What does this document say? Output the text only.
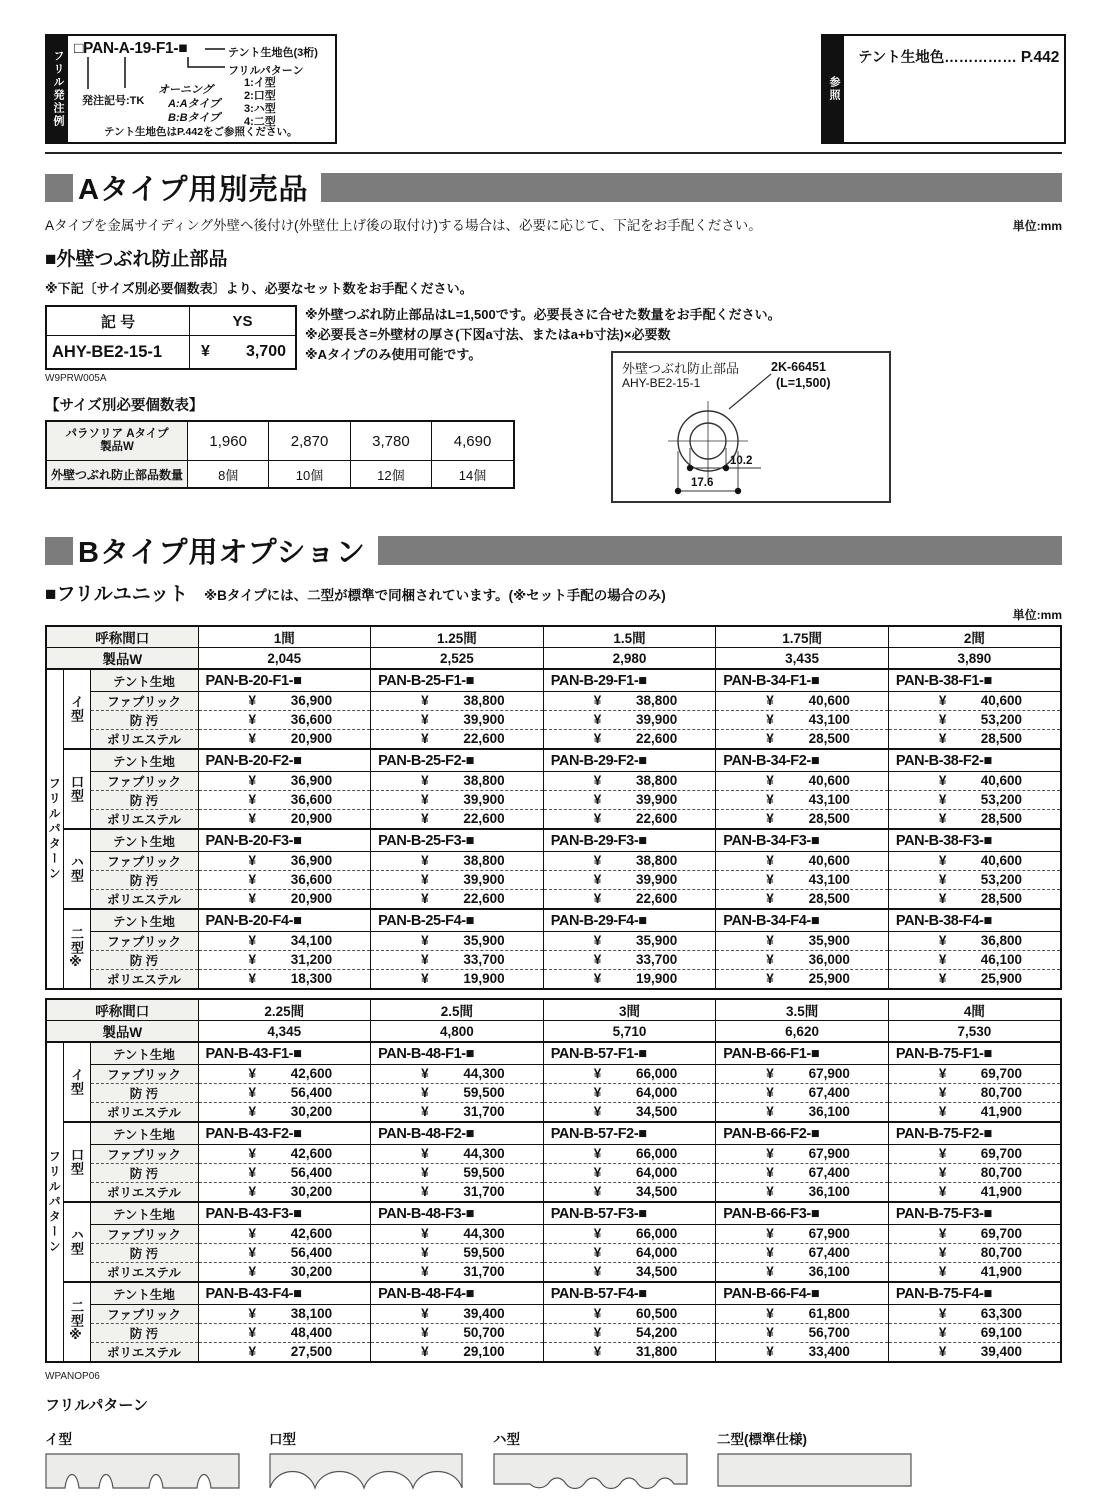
フリル発注例
□PAN-A-19-F1-■	テント生地色(3桁)
フリルパターン
1:イ型
2:口型
3:ハ型
4:二型
オーニング
A:Aタイプ
B:Bタイプ
発注記号:TK
テント生地色はP.442をご参照ください。
参照
テント生地色…………… P.442
Aタイプ用別売品
Aタイプを金属サイディング外壁へ後付け(外壁仕上げ後の取付け)する場合は、必要に応じて、下記をお手配ください。	単位:mm
■外壁つぶれ防止部品
※下記〔サイズ別必要個数表〕より、必要なセット数をお手配ください。
記 号	YS
AHY-BE2-15-1	¥ 3,700
W9PRW005A
【サイズ別必要個数表】
パラソリア Aタイプ
製品W	1,960	2,870	3,780	4,690
外壁つぶれ防止部品数量	8個	10個	12個	14個
※外壁つぶれ防止部品はL=1,500です。必要長さに合せた数量をお手配ください。
※必要長さ=外壁材の厚さ(下図a寸法、またはa+b寸法)×必要数
※Aタイプのみ使用可能です。
外壁つぶれ防止部品
AHY-BE2-15-1
2K-66451
(L=1,500)
10.2
17.6
Bタイプ用オプション
■フリルユニット ※Bタイプには、二型が標準で同梱されています。(※セット手配の場合のみ)
単位:mm
呼称間口			1間	1.25間	1.5間	1.75間	2間
製品W			2,045	2,525	2,980	3,435	3,890
フリルパターン	イ型	テント生地	PAN-B-20-F1-■	PAN-B-25-F1-■	PAN-B-29-F1-■	PAN-B-34-F1-■	PAN-B-38-F1-■
		ファブリック	¥ 36,900	¥ 38,800	¥ 38,800	¥ 40,600	¥ 40,600

		防 汚	¥ 36,600	¥ 39,900	¥ 39,900	¥ 43,100	¥ 53,200

		ポリエステル	¥ 20,900	¥ 22,600	¥ 22,600	¥ 28,500	¥ 28,500

	口型	テント生地	PAN-B-20-F2-■	PAN-B-25-F2-■	PAN-B-29-F2-■	PAN-B-34-F2-■	PAN-B-38-F2-■
		ファブリック	¥ 36,900	¥ 38,800	¥ 38,800	¥ 40,600	¥ 40,600

		防 汚	¥ 36,600	¥ 39,900	¥ 39,900	¥ 43,100	¥ 53,200

		ポリエステル	¥ 20,900	¥ 22,600	¥ 22,600	¥ 28,500	¥ 28,500

	ハ型	テント生地	PAN-B-20-F3-■	PAN-B-25-F3-■	PAN-B-29-F3-■	PAN-B-34-F3-■	PAN-B-38-F3-■
		ファブリック	¥ 36,900	¥ 38,800	¥ 38,800	¥ 40,600	¥ 40,600

		防 汚	¥ 36,600	¥ 39,900	¥ 39,900	¥ 43,100	¥ 53,200

		ポリエステル	¥ 20,900	¥ 22,600	¥ 22,600	¥ 28,500	¥ 28,500

	二型※	テント生地	PAN-B-20-F4-■	PAN-B-25-F4-■	PAN-B-29-F4-■	PAN-B-34-F4-■	PAN-B-38-F4-■
		ファブリック	¥ 34,100	¥ 35,900	¥ 35,900	¥ 35,900	¥ 36,800

		防 汚	¥ 31,200	¥ 33,700	¥ 33,700	¥ 36,000	¥ 46,100

		ポリエステル	¥ 18,300	¥ 19,900	¥ 19,900	¥ 25,900	¥ 25,900
呼称間口			2.25間	2.5間	3間	3.5間	4間
製品W			4,345	4,800	5,710	6,620	7,530
フリルパターン	イ型	テント生地	PAN-B-43-F1-■	PAN-B-48-F1-■	PAN-B-57-F1-■	PAN-B-66-F1-■	PAN-B-75-F1-■
		ファブリック	¥ 42,600	¥ 44,300	¥ 66,000	¥ 67,900	¥ 69,700

		防 汚	¥ 56,400	¥ 59,500	¥ 64,000	¥ 67,400	¥ 80,700

		ポリエステル	¥ 30,200	¥ 31,700	¥ 34,500	¥ 36,100	¥ 41,900

	口型	テント生地	PAN-B-43-F2-■	PAN-B-48-F2-■	PAN-B-57-F2-■	PAN-B-66-F2-■	PAN-B-75-F2-■
		ファブリック	¥ 42,600	¥ 44,300	¥ 66,000	¥ 67,900	¥ 69,700

		防 汚	¥ 56,400	¥ 59,500	¥ 64,000	¥ 67,400	¥ 80,700

		ポリエステル	¥ 30,200	¥ 31,700	¥ 34,500	¥ 36,100	¥ 41,900

	ハ型	テント生地	PAN-B-43-F3-■	PAN-B-48-F3-■	PAN-B-57-F3-■	PAN-B-66-F3-■	PAN-B-75-F3-■
		ファブリック	¥ 42,600	¥ 44,300	¥ 66,000	¥ 67,900	¥ 69,700

		防 汚	¥ 56,400	¥ 59,500	¥ 64,000	¥ 67,400	¥ 80,700

		ポリエステル	¥ 30,200	¥ 31,700	¥ 34,500	¥ 36,100	¥ 41,900

	二型※	テント生地	PAN-B-43-F4-■	PAN-B-48-F4-■	PAN-B-57-F4-■	PAN-B-66-F4-■	PAN-B-75-F4-■
		ファブリック	¥ 38,100	¥ 39,400	¥ 60,500	¥ 61,800	¥ 63,300

		防 汚	¥ 48,400	¥ 50,700	¥ 54,200	¥ 56,700	¥ 69,100

		ポリエステル	¥ 27,500	¥ 29,100	¥ 31,800	¥ 33,400	¥ 39,400
WPANOP06
フリルパターン
イ型	口型	ハ型	二型(標準仕様)
